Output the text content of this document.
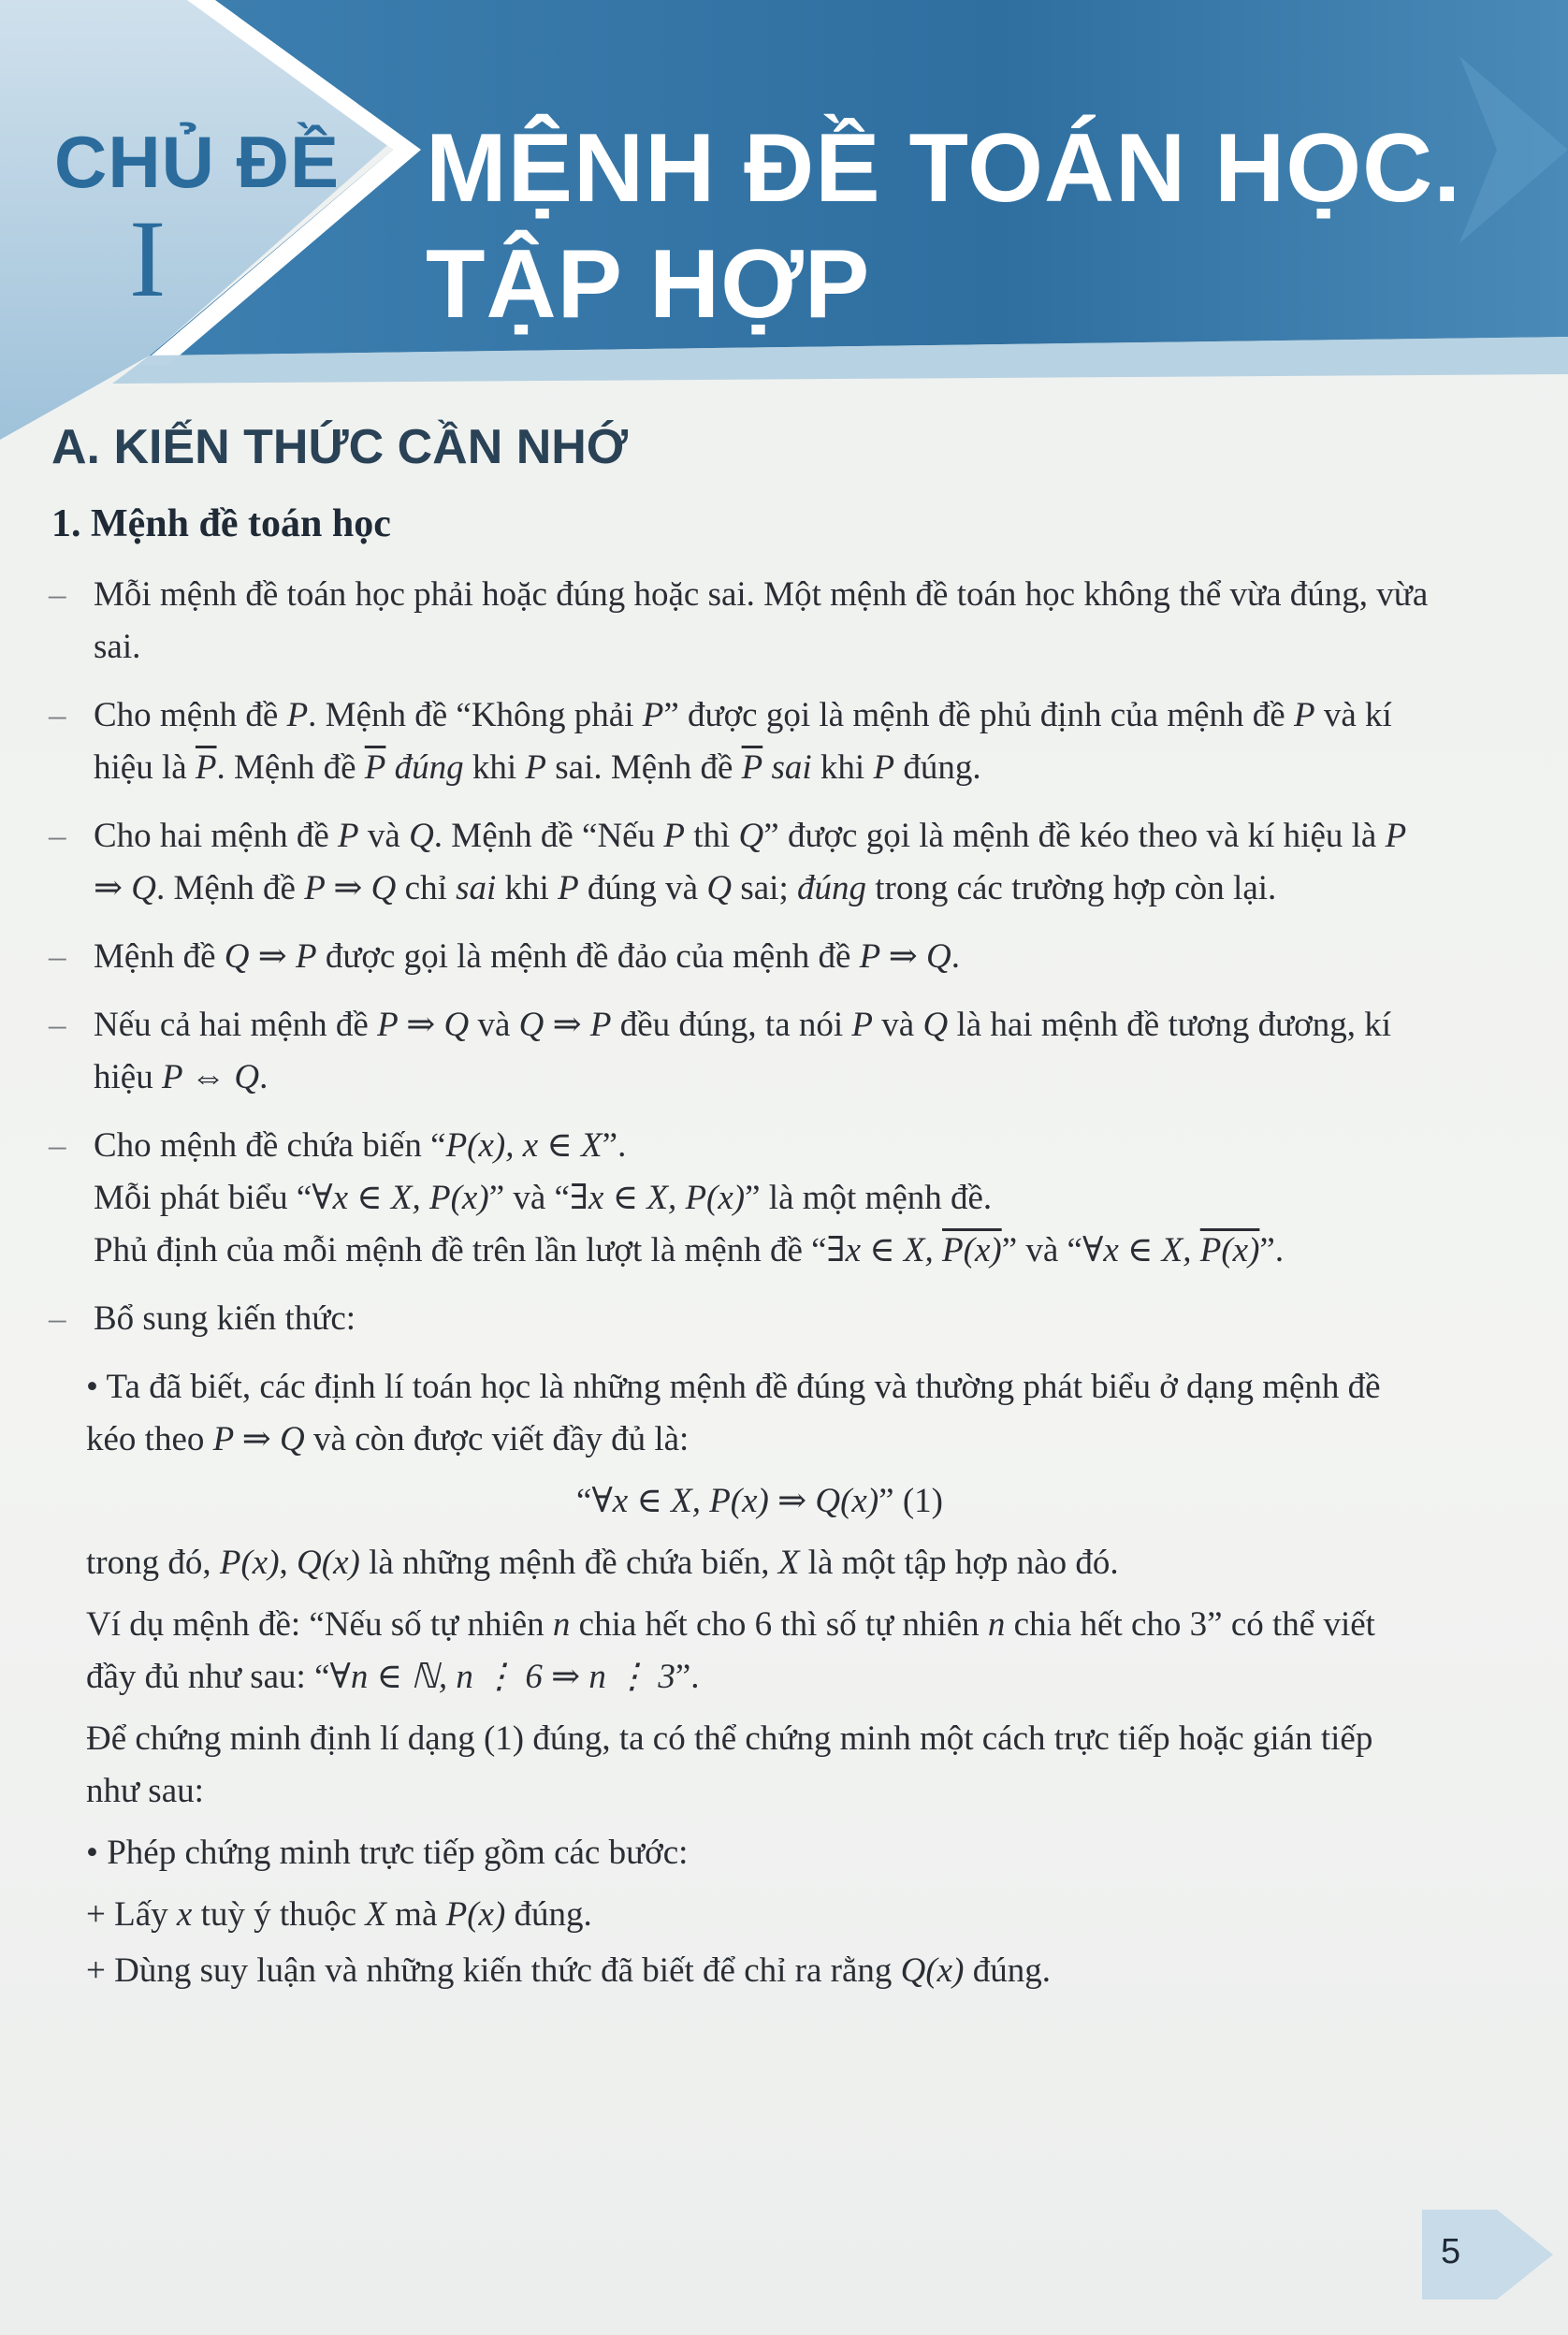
CHỦ ĐỀ
I
MỆNH ĐỀ TOÁN HỌC.
TẬP HỢP
A. KIẾN THỨC CẦN NHỚ
1. Mệnh đề toán học
– Mỗi mệnh đề toán học phải hoặc đúng hoặc sai. Một mệnh đề toán học không thể vừa đúng, vừa sai.

– Cho mệnh đề P. Mệnh đề “Không phải P” được gọi là mệnh đề phủ định của mệnh đề P và kí hiệu là $\overline{P}$. Mệnh đề $\overline{P}$ đúng khi P sai. Mệnh đề $\overline{P}$ sai khi P đúng.

– Cho hai mệnh đề P và Q. Mệnh đề “Nếu P thì Q” được gọi là mệnh đề kéo theo và kí hiệu là P ⇒ Q. Mệnh đề P ⇒ Q chỉ sai khi P đúng và Q sai; đúng trong các trường hợp còn lại.

– Mệnh đề Q ⇒ P được gọi là mệnh đề đảo của mệnh đề P ⇒ Q.

– Nếu cả hai mệnh đề P ⇒ Q và Q ⇒ P đều đúng, ta nói P và Q là hai mệnh đề tương đương, kí hiệu P ⇔ Q.

– Cho mệnh đề chứa biến “P(x), x ∈ X”.

Mỗi phát biểu “∀x ∈ X, P(x)” và “∃x ∈ X, P(x)” là một mệnh đề.

Phủ định của mỗi mệnh đề trên lần lượt là mệnh đề “∃x ∈ X, P(x)” và “∀x ∈ X, P(x)”.

– Bổ sung kiến thức:

• Ta đã biết, các định lí toán học là những mệnh đề đúng và thường phát biểu ở dạng mệnh đề kéo theo P ⇒ Q và còn được viết đầy đủ là:

“∀x ∈ X, P(x) ⇒ Q(x)” (1)

trong đó, P(x), Q(x) là những mệnh đề chứa biến, X là một tập hợp nào đó.

Ví dụ mệnh đề: “Nếu số tự nhiên n chia hết cho 6 thì số tự nhiên n chia hết cho 3” có thể viết đầy đủ như sau: “∀n ∈ ℕ, n ⋮ 6 ⇒ n ⋮ 3”.

Để chứng minh định lí dạng (1) đúng, ta có thể chứng minh một cách trực tiếp hoặc gián tiếp như sau:

• Phép chứng minh trực tiếp gồm các bước:

+ Lấy x tuỳ ý thuộc X mà P(x) đúng.

+ Dùng suy luận và những kiến thức đã biết để chỉ ra rằng Q(x) đúng.

5
